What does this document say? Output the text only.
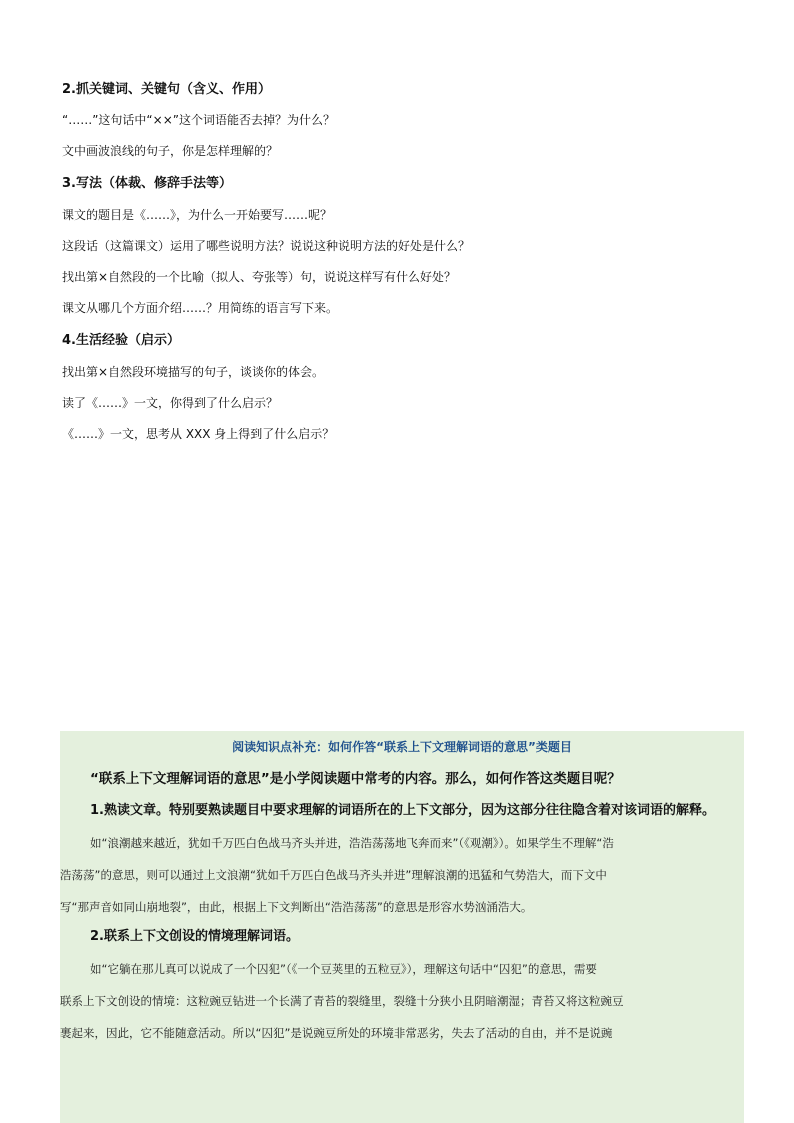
2.抓关键词、关键句（含义、作用）
“……”这句话中“××”这个词语能否去掉？为什么？
文中画波浪线的句子，你是怎样理解的？
3.写法（体裁、修辞手法等）
课文的题目是《……》，为什么一开始要写……呢？
这段话（这篇课文）运用了哪些说明方法？说说这种说明方法的好处是什么？
找出第×自然段的一个比喻（拟人、夸张等）句，说说这样写有什么好处？
课文从哪几个方面介绍……？用简练的语言写下来。
4.生活经验（启示）
找出第×自然段环境描写的句子，谈谈你的体会。
读了《……》一文，你得到了什么启示？
《……》一文，思考从 XXX 身上得到了什么启示？
阅读知识点补充：如何作答“联系上下文理解词语的意思”类题目
“联系上下文理解词语的意思”是小学阅读题中常考的内容。那么，如何作答这类题目呢？
1.熟读文章。特别要熟读题目中要求理解的词语所在的上下文部分，因为这部分往往隐含着对该词语的解释。
如“浪潮越来越近，犹如千万匹白色战马齐头并进，浩浩荡荡地飞奔而来”（《观潮》）。如果学生不理解“浩
浩荡荡”的意思，则可以通过上文浪潮“犹如千万匹白色战马齐头并进”理解浪潮的迅猛和气势浩大，而下文中
写“那声音如同山崩地裂”，由此，根据上下文判断出“浩浩荡荡”的意思是形容水势汹涌浩大。
2.联系上下文创设的情境理解词语。
如“它躺在那儿真可以说成了一个囚犯”（《一个豆荚里的五粒豆》），理解这句话中“囚犯”的意思，需要
联系上下文创设的情境：这粒豌豆钻进一个长满了青苔的裂缝里，裂缝十分狭小且阴暗潮湿；青苔又将这粒豌豆
裹起来，因此，它不能随意活动。所以“囚犯”是说豌豆所处的环境非常恶劣，失去了活动的自由，并不是说豌
